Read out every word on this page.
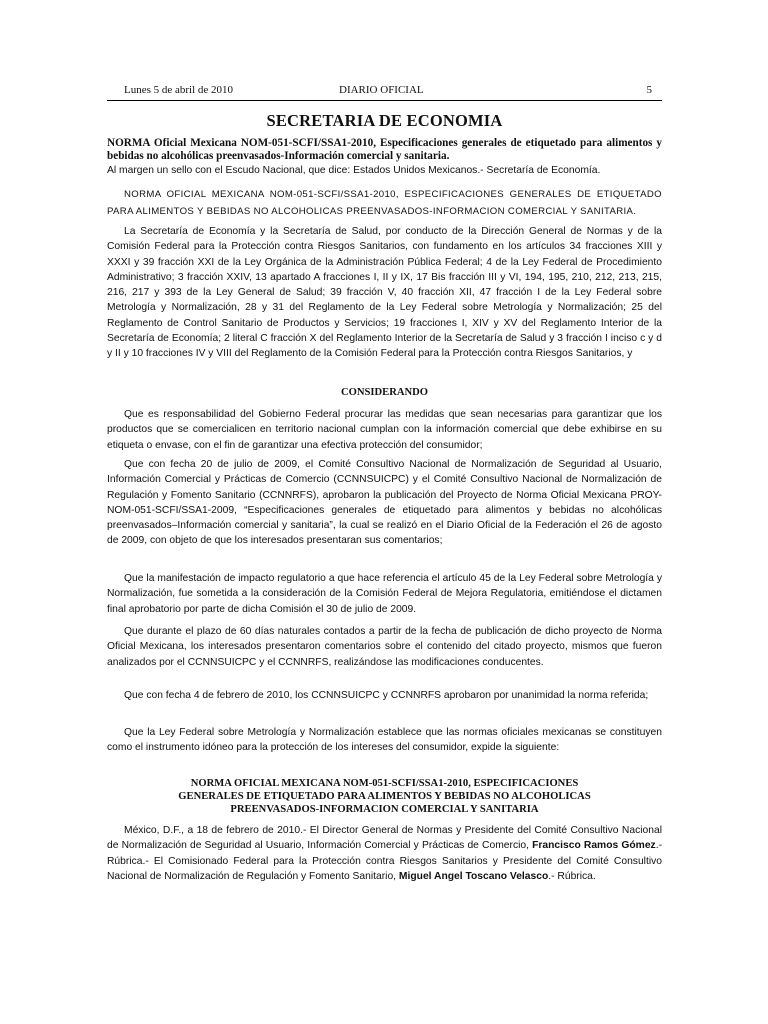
Lunes 5 de abril de 2010	DIARIO OFICIAL	5
SECRETARIA DE ECONOMIA
NORMA Oficial Mexicana NOM-051-SCFI/SSA1-2010, Especificaciones generales de etiquetado para alimentos y bebidas no alcohólicas preenvasados-Información comercial y sanitaria.

Al margen un sello con el Escudo Nacional, que dice: Estados Unidos Mexicanos.- Secretaría de Economía.

NORMA OFICIAL MEXICANA NOM-051-SCFI/SSA1-2010, ESPECIFICACIONES GENERALES DE ETIQUETADO PARA ALIMENTOS Y BEBIDAS NO ALCOHOLICAS PREENVASADOS-INFORMACION COMERCIAL Y SANITARIA.

La Secretaría de Economía y la Secretaría de Salud, por conducto de la Dirección General de Normas y de la Comisión Federal para la Protección contra Riesgos Sanitarios, con fundamento en los artículos 34 fracciones XIII y XXXI y 39 fracción XXI de la Ley Orgánica de la Administración Pública Federal; 4 de la Ley Federal de Procedimiento Administrativo; 3 fracción XXIV, 13 apartado A fracciones I, II y IX, 17 Bis fracción III y VI, 194, 195, 210, 212, 213, 215, 216, 217 y 393 de la Ley General de Salud; 39 fracción V, 40 fracción XII, 47 fracción I de la Ley Federal sobre Metrología y Normalización, 28 y 31 del Reglamento de la Ley Federal sobre Metrología y Normalización; 25 del Reglamento de Control Sanitario de Productos y Servicios; 19 fracciones I, XIV y XV del Reglamento Interior de la Secretaría de Economía; 2 literal C fracción X del Reglamento Interior de la Secretaría de Salud y 3 fracción I inciso c y d y II y 10 fracciones IV y VIII del Reglamento de la Comisión Federal para la Protección contra Riesgos Sanitarios, y

CONSIDERANDO

Que es responsabilidad del Gobierno Federal procurar las medidas que sean necesarias para garantizar que los productos que se comercialicen en territorio nacional cumplan con la información comercial que debe exhibirse en su etiqueta o envase, con el fin de garantizar una efectiva protección del consumidor;

Que con fecha 20 de julio de 2009, el Comité Consultivo Nacional de Normalización de Seguridad al Usuario, Información Comercial y Prácticas de Comercio (CCNNSUICPC) y el Comité Consultivo Nacional de Normalización de Regulación y Fomento Sanitario (CCNNRFS), aprobaron la publicación del Proyecto de Norma Oficial Mexicana PROY-NOM-051-SCFI/SSA1-2009, “Especificaciones generales de etiquetado para alimentos y bebidas no alcohólicas preenvasados–Información comercial y sanitaria”, la cual se realizó en el Diario Oficial de la Federación el 26 de agosto de 2009, con objeto de que los interesados presentaran sus comentarios;

Que la manifestación de impacto regulatorio a que hace referencia el artículo 45 de la Ley Federal sobre Metrología y Normalización, fue sometida a la consideración de la Comisión Federal de Mejora Regulatoria, emitiéndose el dictamen final aprobatorio por parte de dicha Comisión el 30 de julio de 2009.

Que durante el plazo de 60 días naturales contados a partir de la fecha de publicación de dicho proyecto de Norma Oficial Mexicana, los interesados presentaron comentarios sobre el contenido del citado proyecto, mismos que fueron analizados por el CCNNSUICPC y el CCNNRFS, realizándose las modificaciones conducentes.

Que con fecha 4 de febrero de 2010, los CCNNSUICPC y CCNNRFS aprobaron por unanimidad la norma referida;

Que la Ley Federal sobre Metrología y Normalización establece que las normas oficiales mexicanas se constituyen como el instrumento idóneo para la protección de los intereses del consumidor, expide la siguiente:

NORMA OFICIAL MEXICANA NOM-051-SCFI/SSA1-2010, ESPECIFICACIONES
GENERALES DE ETIQUETADO PARA ALIMENTOS Y BEBIDAS NO ALCOHOLICAS
PREENVASADOS-INFORMACION COMERCIAL Y SANITARIA

México, D.F., a 18 de febrero de 2010.- El Director General de Normas y Presidente del Comité Consultivo Nacional de Normalización de Seguridad al Usuario, Información Comercial y Prácticas de Comercio, Francisco Ramos Gómez.- Rúbrica.- El Comisionado Federal para la Protección contra Riesgos Sanitarios y Presidente del Comité Consultivo Nacional de Normalización de Regulación y Fomento Sanitario, Miguel Angel Toscano Velasco.- Rúbrica.
